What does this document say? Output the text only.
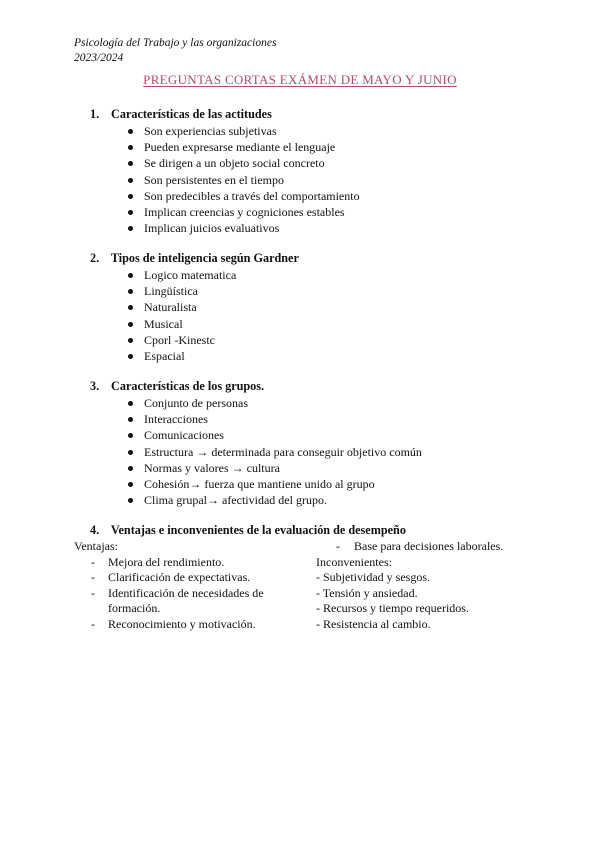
Psicología del Trabajo y las organizaciones
2023/2024
PREGUNTAS CORTAS EXÁMEN DE MAYO Y JUNIO
1. Características de las actitudes
Son experiencias subjetivas
Pueden expresarse mediante el lenguaje
Se dirigen a un objeto social concreto
Son persistentes en el tiempo
Son predecibles a través del comportamiento
Implican creencias y cogniciones estables
Implican juicios evaluativos
2. Tipos de inteligencia según Gardner
Logico matematica
Lingüística
Naturalista
Musical
Cporl -Kinestc
Espacial
3. Características de los grupos.
Conjunto de personas
Interacciones
Comunicaciones
Estructura → determinada para conseguir objetivo común
Normas y valores → cultura
Cohesión→ fuerza que mantiene unido al grupo
Clima grupal→ afectividad del grupo.
4. Ventajas e inconvenientes de la evaluación de desempeño
Ventajas:
- Mejora del rendimiento.
- Clarificación de expectativas.
- Identificación de necesidades de
formación.
- Reconocimiento y motivación.
- Base para decisiones laborales.
Inconvenientes:
- Subjetividad y sesgos.
- Tensión y ansiedad.
- Recursos y tiempo requeridos.
- Resistencia al cambio.
